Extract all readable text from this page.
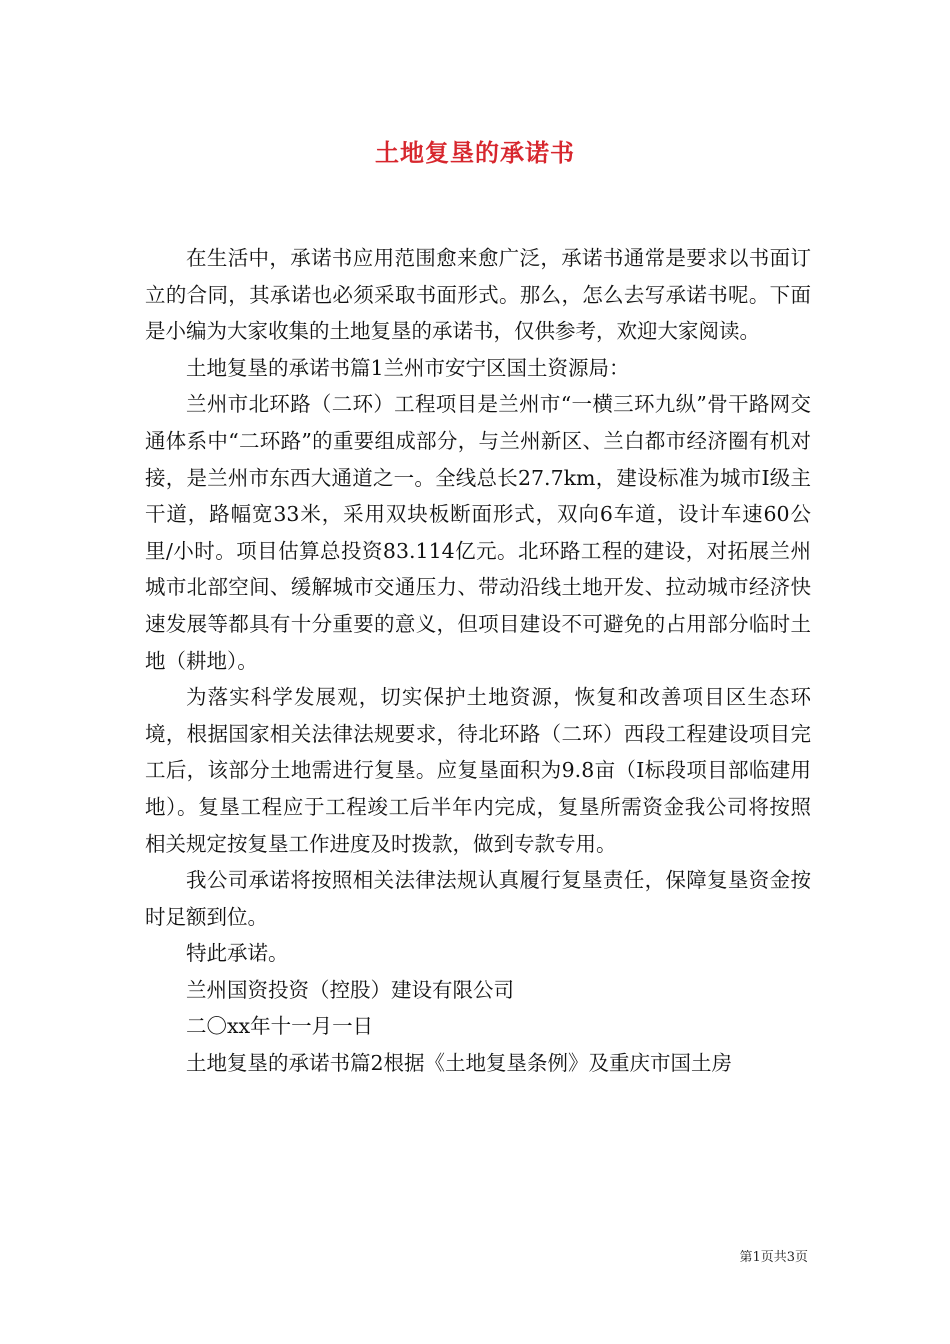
土地复垦的承诺书

在生活中，承诺书应用范围愈来愈广泛，承诺书通常是要求以书面订立的合同，其承诺也必须采取书面形式。那么，怎么去写承诺书呢。下面是小编为大家收集的土地复垦的承诺书，仅供参考，欢迎大家阅读。

土地复垦的承诺书篇1兰州市安宁区国土资源局：

兰州市北环路（二环）工程项目是兰州市“一横三环九纵”骨干路网交通体系中“二环路”的重要组成部分，与兰州新区、兰白都市经济圈有机对接，是兰州市东西大通道之一。全线总长27.7km，建设标准为城市Ⅰ级主干道，路幅宽33米，采用双块板断面形式，双向6车道，设计车速60公里/小时。项目估算总投资83.114亿元。北环路工程的建设，对拓展兰州城市北部空间、缓解城市交通压力、带动沿线土地开发、拉动城市经济快速发展等都具有十分重要的意义，但项目建设不可避免的占用部分临时土地（耕地）。

为落实科学发展观，切实保护土地资源，恢复和改善项目区生态环境，根据国家相关法律法规要求，待北环路（二环）西段工程建设项目完工后，该部分土地需进行复垦。应复垦面积为9.8亩（Ⅰ标段项目部临建用地）。复垦工程应于工程竣工后半年内完成，复垦所需资金我公司将按照相关规定按复垦工作进度及时拨款，做到专款专用。

我公司承诺将按照相关法律法规认真履行复垦责任，保障复垦资金按时足额到位。

特此承诺。

兰州国资投资（控股）建设有限公司

二〇xx年十一月一日

土地复垦的承诺书篇2根据《土地复垦条例》及重庆市国土房

第1页共3页
